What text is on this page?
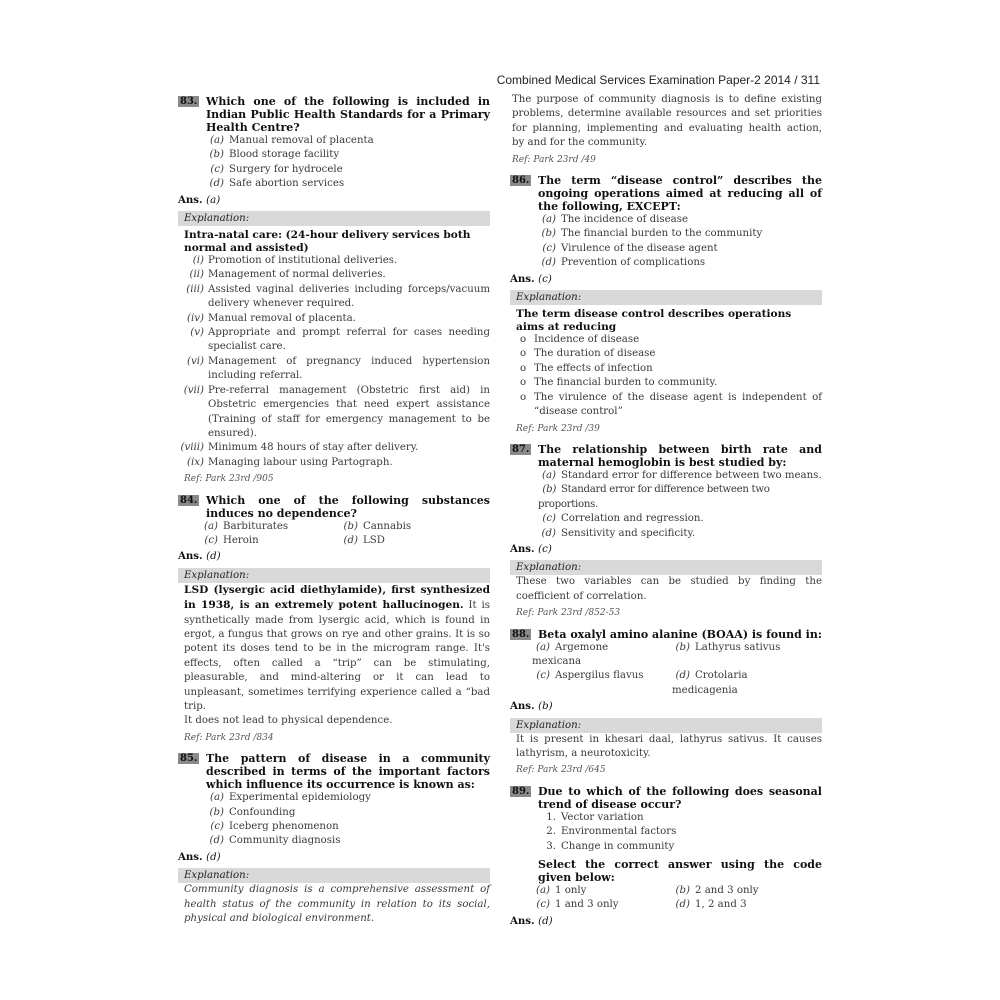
Combined Medical Services Examination Paper-2 2014 / 311
83. Which one of the following is included in Indian Public Health Standards for a Primary Health Centre?
(a) Manual removal of placenta
(b) Blood storage facility
(c) Surgery for hydrocele
(d) Safe abortion services
Ans. (a)
Explanation:
Intra-natal care: (24-hour delivery services both normal and assisted)
(i) Promotion of institutional deliveries.
(ii) Management of normal deliveries.
(iii) Assisted vaginal deliveries including forceps/vacuum delivery whenever required.
(iv) Manual removal of placenta.
(v) Appropriate and prompt referral for cases needing specialist care.
(vi) Management of pregnancy induced hypertension including referral.
(vii) Pre-referral management (Obstetric first aid) in Obstetric emergencies that need expert assistance (Training of staff for emergency management to be ensured).
(viii) Minimum 48 hours of stay after delivery.
(ix) Managing labour using Partograph.
Ref: Park 23rd /905
84. Which one of the following substances induces no dependence?
(a) Barbiturates	(b) Cannabis
(c) Heroin	(d) LSD
Ans. (d)
Explanation:
LSD (lysergic acid diethylamide), first synthesized in 1938, is an extremely potent hallucinogen. It is synthetically made from lysergic acid, which is found in ergot, a fungus that grows on rye and other grains. It is so potent its doses tend to be in the microgram range. It's effects, often called a “trip” can be stimulating, pleasurable, and mind-altering or it can lead to unpleasant, sometimes terrifying experience called a “bad trip.
It does not lead to physical dependence.
Ref: Park 23rd /834
85. The pattern of disease in a community described in terms of the important factors which influence its occurrence is known as:
(a) Experimental epidemiology
(b) Confounding
(c) Iceberg phenomenon
(d) Community diagnosis
Ans. (d)
Explanation:
Community diagnosis is a comprehensive assessment of health status of the community in relation to its social, physical and biological environment.
The purpose of community diagnosis is to define existing problems, determine available resources and set priorities for planning, implementing and evaluating health action, by and for the community.
Ref: Park 23rd /49
86. The term “disease control” describes the ongoing operations aimed at reducing all of the following, EXCEPT:
(a) The incidence of disease
(b) The financial burden to the community
(c) Virulence of the disease agent
(d) Prevention of complications
Ans. (c)
Explanation:
The term disease control describes operations aims at reducing
o Incidence of disease
o The duration of disease
o The effects of infection
o The financial burden to community.
o The virulence of the disease agent is independent of “disease control”
Ref: Park 23rd /39
87. The relationship between birth rate and maternal hemoglobin is best studied by:
(a) Standard error for difference between two means.
(b) Standard error for difference between two proportions.
(c) Correlation and regression.
(d) Sensitivity and specificity.
Ans. (c)
Explanation:
These two variables can be studied by finding the coefficient of correlation.
Ref: Park 23rd /852-53
88. Beta oxalyl amino alanine (BOAA) is found in:
(a) Argemone mexicana
(b) Lathyrus sativus
(c) Aspergilus flavus	(d) Crotolaria medicagenia
Ans. (b)
Explanation:
It is present in khesari daal, lathyrus sativus. It causes lathyrism, a neurotoxicity.
Ref: Park 23rd /645
89. Due to which of the following does seasonal trend of disease occur?
1. Vector variation
2. Environmental factors
3. Change in community
Select the correct answer using the code given below:
(a) 1 only	(b) 2 and 3 only
(c) 1 and 3 only	(d) 1, 2 and 3
Ans. (d)
